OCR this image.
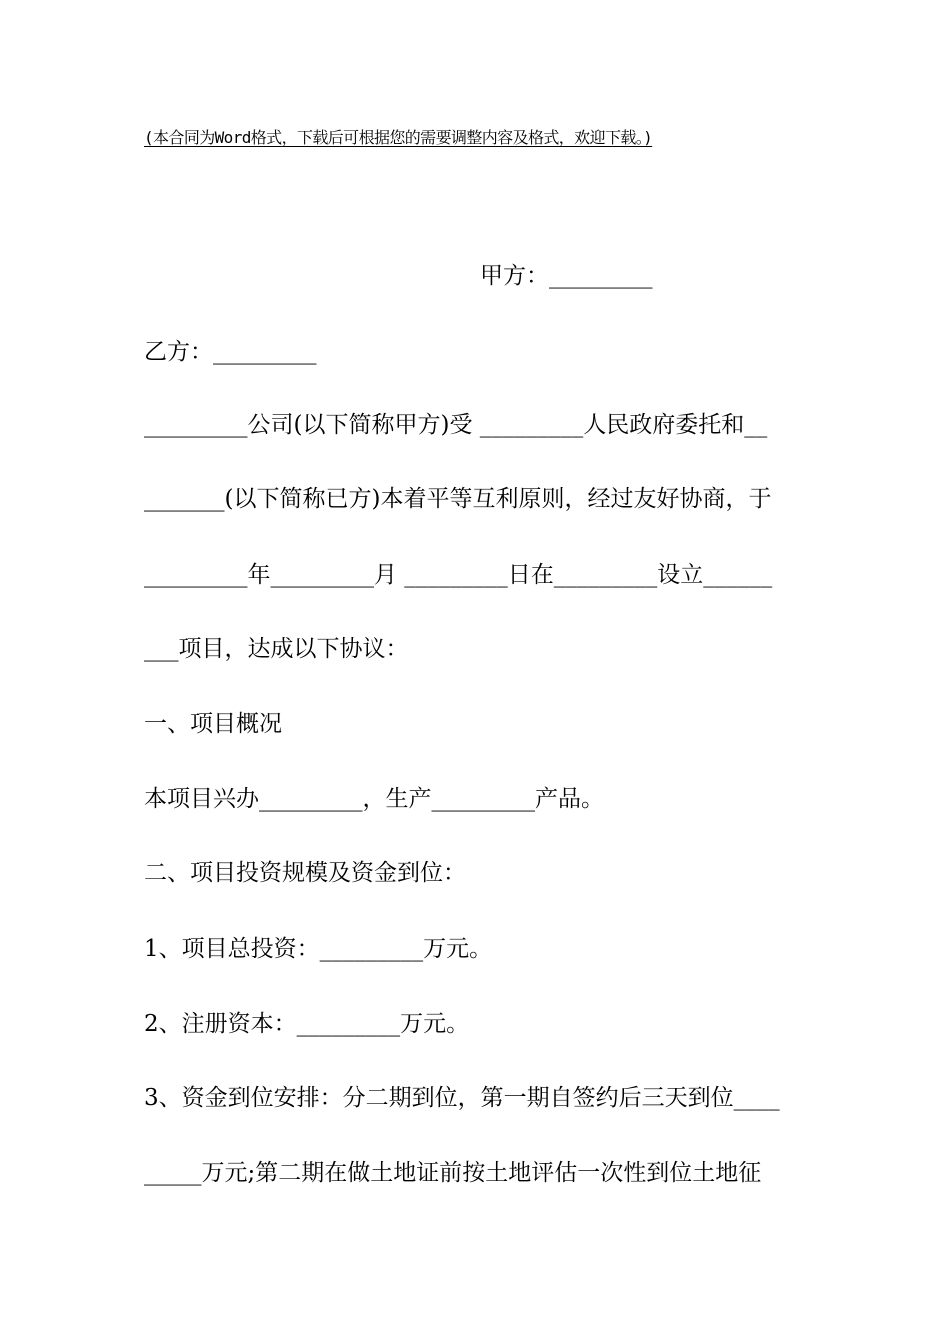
(本合同为Word格式，下载后可根据您的需要调整内容及格式，欢迎下载。)
甲方：_________
乙方：_________
_________公司(以下简称甲方)受 _________人民政府委托和__
_______(以下简称已方)本着平等互利原则，经过友好协商，于
_________年_________月 _________日在_________设立______
___项目，达成以下协议：
一、项目概况
本项目兴办_________，生产_________产品。
二、项目投资规模及资金到位：
1、项目总投资：_________万元。
2、注册资本：_________万元。
3、资金到位安排：分二期到位，第一期自签约后三天到位____
_____万元;第二期在做土地证前按土地评估一次性到位土地征
